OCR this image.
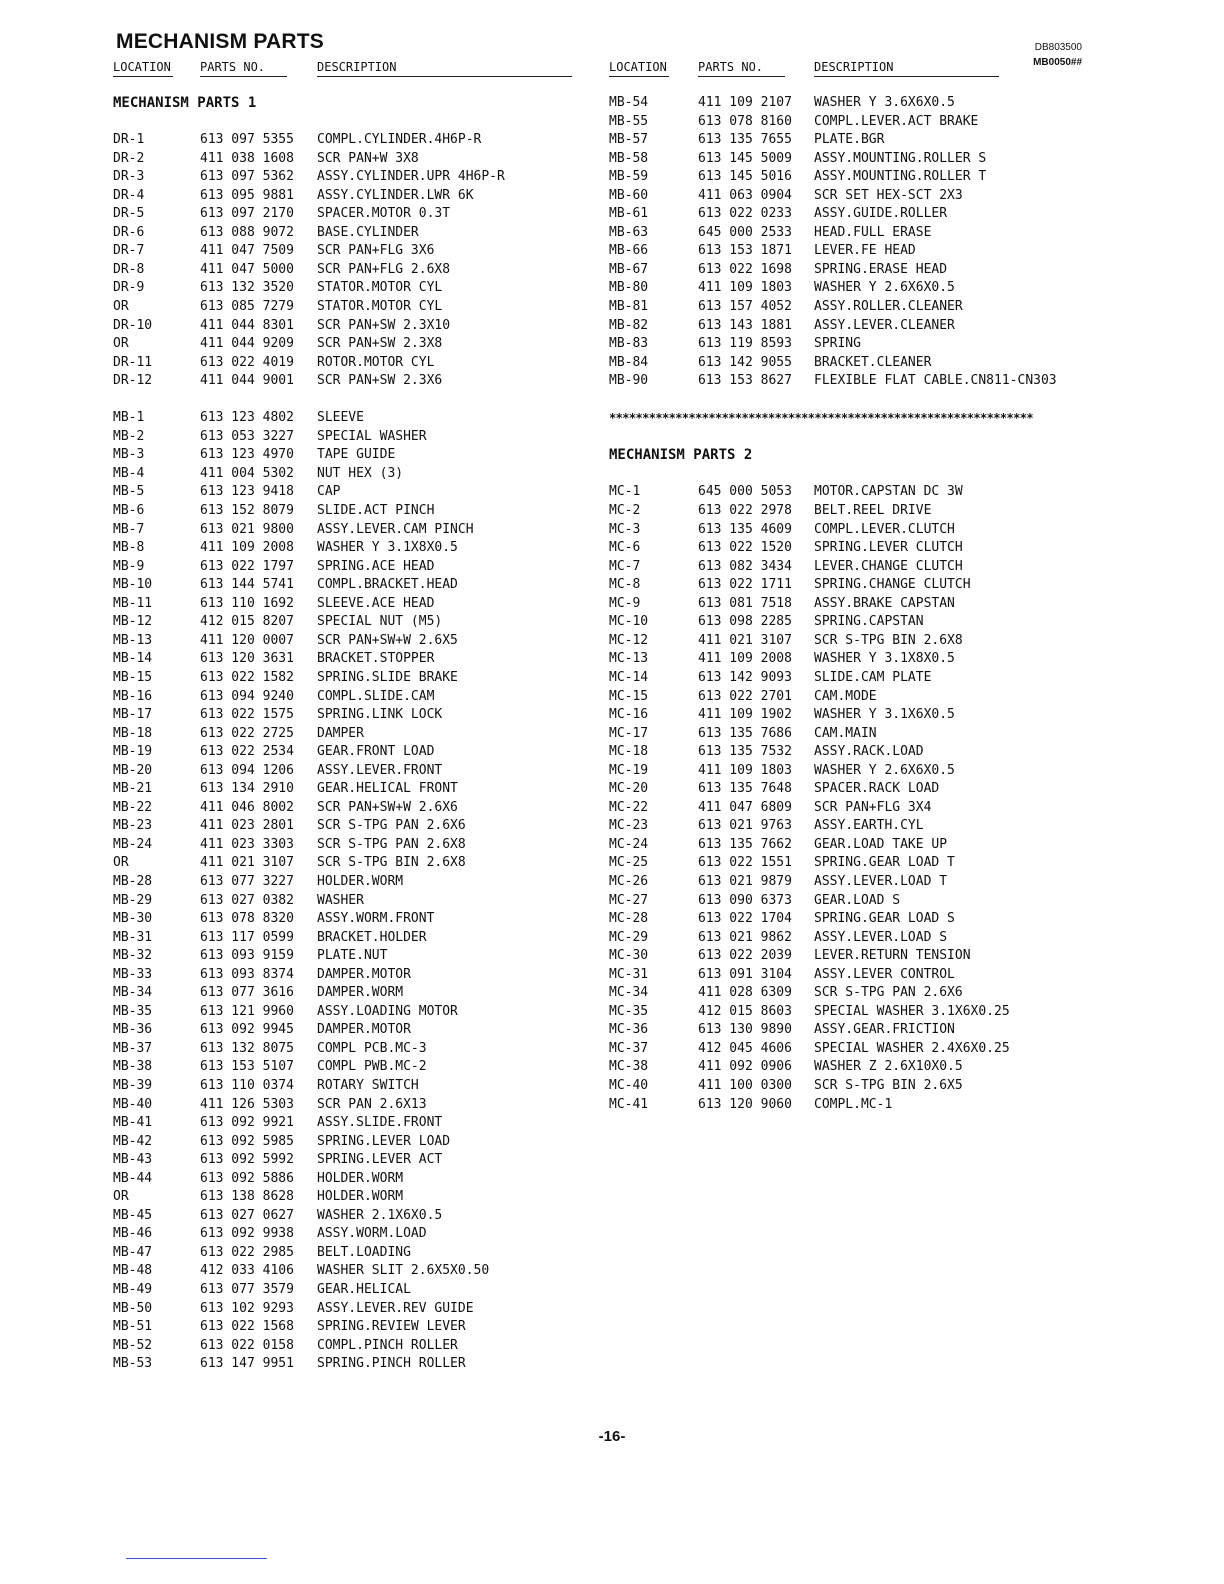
MECHANISM PARTS	DB803500
MB0050##
LOCATION PARTS NO.	DESCRIPTION	LOCATION	PARTS NO.	DESCRIPTION
MECHANISM PARTS 1
DR-1	613 097 5355 COMPL.CYLINDER.4H6P-R
DR-2	411 038 1608 SCR PAN+W 3X8
DR-3	613 097 5362 ASSY.CYLINDER.UPR 4H6P-R
DR-4	613 095 9881 ASSY.CYLINDER.LWR 6K
DR-5	613 097 2170 SPACER.MOTOR 0.3T
DR-6	613 088 9072 BASE.CYLINDER
DR-7	411 047 7509 SCR PAN+FLG 3X6
DR-8	411 047 5000 SCR PAN+FLG 2.6X8
DR-9	613 132 3520 STATOR.MOTOR CYL
OR	613 085 7279 STATOR.MOTOR CYL
DR-10	411 044 8301 SCR PAN+SW 2.3X10
OR	411 044 9209 SCR PAN+SW 2.3X8
DR-11	613 022 4019 ROTOR.MOTOR CYL
DR-12	411 044 9001 SCR PAN+SW 2.3X6
MB-1	613 123 4802 SLEEVE
MB-2	613 053 3227 SPECIAL WASHER
MB-3	613 123 4970 TAPE GUIDE
MB-4	411 004 5302 NUT HEX (3)
MB-5	613 123 9418 CAP
MB-6	613 152 8079 SLIDE.ACT PINCH
MB-7	613 021 9800 ASSY.LEVER.CAM PINCH
MB-8	411 109 2008 WASHER Y 3.1X8X0.5
MB-9	613 022 1797 SPRING.ACE HEAD
MB-10	613 144 5741 COMPL.BRACKET.HEAD
MB-11	613 110 1692 SLEEVE.ACE HEAD
MB-12	412 015 8207 SPECIAL NUT (M5)
MB-13	411 120 0007 SCR PAN+SW+W 2.6X5
MB-14	613 120 3631 BRACKET.STOPPER
MB-15	613 022 1582 SPRING.SLIDE BRAKE
MB-16	613 094 9240 COMPL.SLIDE.CAM
MB-17	613 022 1575 SPRING.LINK LOCK
MB-18	613 022 2725 DAMPER
MB-19	613 022 2534 GEAR.FRONT LOAD
MB-20	613 094 1206 ASSY.LEVER.FRONT
MB-21	613 134 2910 GEAR.HELICAL FRONT
MB-22	411 046 8002 SCR PAN+SW+W 2.6X6
MB-23	411 023 2801 SCR S-TPG PAN 2.6X6
MB-24	411 023 3303 SCR S-TPG PAN 2.6X8
OR	411 021 3107 SCR S-TPG BIN 2.6X8
MB-28	613 077 3227 HOLDER.WORM
MB-29	613 027 0382 WASHER
MB-30	613 078 8320 ASSY.WORM.FRONT
MB-31	613 117 0599 BRACKET.HOLDER
MB-32	613 093 9159 PLATE.NUT
MB-33	613 093 8374 DAMPER.MOTOR
MB-34	613 077 3616 DAMPER.WORM
MB-35	613 121 9960 ASSY.LOADING MOTOR
MB-36	613 092 9945 DAMPER.MOTOR
MB-37	613 132 8075 COMPL PCB.MC-3
MB-38	613 153 5107 COMPL PWB.MC-2
MB-39	613 110 0374 ROTARY SWITCH
MB-40	411 126 5303 SCR PAN 2.6X13
MB-41	613 092 9921 ASSY.SLIDE.FRONT
MB-42	613 092 5985 SPRING.LEVER LOAD
MB-43	613 092 5992 SPRING.LEVER ACT
MB-44	613 092 5886 HOLDER.WORM
OR	613 138 8628 HOLDER.WORM
MB-45	613 027 0627 WASHER 2.1X6X0.5
MB-46	613 092 9938 ASSY.WORM.LOAD
MB-47	613 022 2985 BELT.LOADING
MB-48	412 033 4106 WASHER SLIT 2.6X5X0.50
MB-49	613 077 3579 GEAR.HELICAL
MB-50	613 102 9293 ASSY.LEVER.REV GUIDE
MB-51	613 022 1568 SPRING.REVIEW LEVER
MB-52	613 022 0158 COMPL.PINCH ROLLER
MB-53	613 147 9951 SPRING.PINCH ROLLER
MB-54	411 109 2107 WASHER Y 3.6X6X0.5
MB-55	613 078 8160 COMPL.LEVER.ACT BRAKE
MB-57	613 135 7655 PLATE.BGR
MB-58	613 145 5009 ASSY.MOUNTING.ROLLER S
MB-59	613 145 5016 ASSY.MOUNTING.ROLLER T
MB-60	411 063 0904 SCR SET HEX-SCT 2X3
MB-61	613 022 0233 ASSY.GUIDE.ROLLER
MB-63	645 000 2533 HEAD.FULL ERASE
MB-66	613 153 1871 LEVER.FE HEAD
MB-67	613 022 1698 SPRING.ERASE HEAD
MB-80	411 109 1803 WASHER Y 2.6X6X0.5
MB-81	613 157 4052 ASSY.ROLLER.CLEANER
MB-82	613 143 1881 ASSY.LEVER.CLEANER
MB-83	613 119 8593 SPRING
MB-84	613 142 9055 BRACKET.CLEANER
MB-90	613 153 8627 FLEXIBLE FLAT CABLE.CN811-CN303
****************************************************************
MECHANISM PARTS 2
MC-1	645 000 5053 MOTOR.CAPSTAN DC 3W
MC-2	613 022 2978 BELT.REEL DRIVE
MC-3	613 135 4609 COMPL.LEVER.CLUTCH
MC-6	613 022 1520 SPRING.LEVER CLUTCH
MC-7	613 082 3434 LEVER.CHANGE CLUTCH
MC-8	613 022 1711 SPRING.CHANGE CLUTCH
MC-9	613 081 7518 ASSY.BRAKE CAPSTAN
MC-10	613 098 2285 SPRING.CAPSTAN
MC-12	411 021 3107 SCR S-TPG BIN 2.6X8
MC-13	411 109 2008 WASHER Y 3.1X8X0.5
MC-14	613 142 9093 SLIDE.CAM PLATE
MC-15	613 022 2701 CAM.MODE
MC-16	411 109 1902 WASHER Y 3.1X6X0.5
MC-17	613 135 7686 CAM.MAIN
MC-18	613 135 7532 ASSY.RACK.LOAD
MC-19	411 109 1803 WASHER Y 2.6X6X0.5
MC-20	613 135 7648 SPACER.RACK LOAD
MC-22	411 047 6809 SCR PAN+FLG 3X4
MC-23	613 021 9763 ASSY.EARTH.CYL
MC-24	613 135 7662 GEAR.LOAD TAKE UP
MC-25	613 022 1551 SPRING.GEAR LOAD T
MC-26	613 021 9879 ASSY.LEVER.LOAD T
MC-27	613 090 6373 GEAR.LOAD S
MC-28	613 022 1704 SPRING.GEAR LOAD S
MC-29	613 021 9862 ASSY.LEVER.LOAD S
MC-30	613 022 2039 LEVER.RETURN TENSION
MC-31	613 091 3104 ASSY.LEVER CONTROL
MC-34	411 028 6309 SCR S-TPG PAN 2.6X6
MC-35	412 015 8603 SPECIAL WASHER 3.1X6X0.25
MC-36	613 130 9890 ASSY.GEAR.FRICTION
MC-37	412 045 4606 SPECIAL WASHER 2.4X6X0.25
MC-38	411 092 0906 WASHER Z 2.6X10X0.5
MC-40	411 100 0300 SCR S-TPG BIN 2.6X5
MC-41	613 120 9060 COMPL.MC-1
-16-
